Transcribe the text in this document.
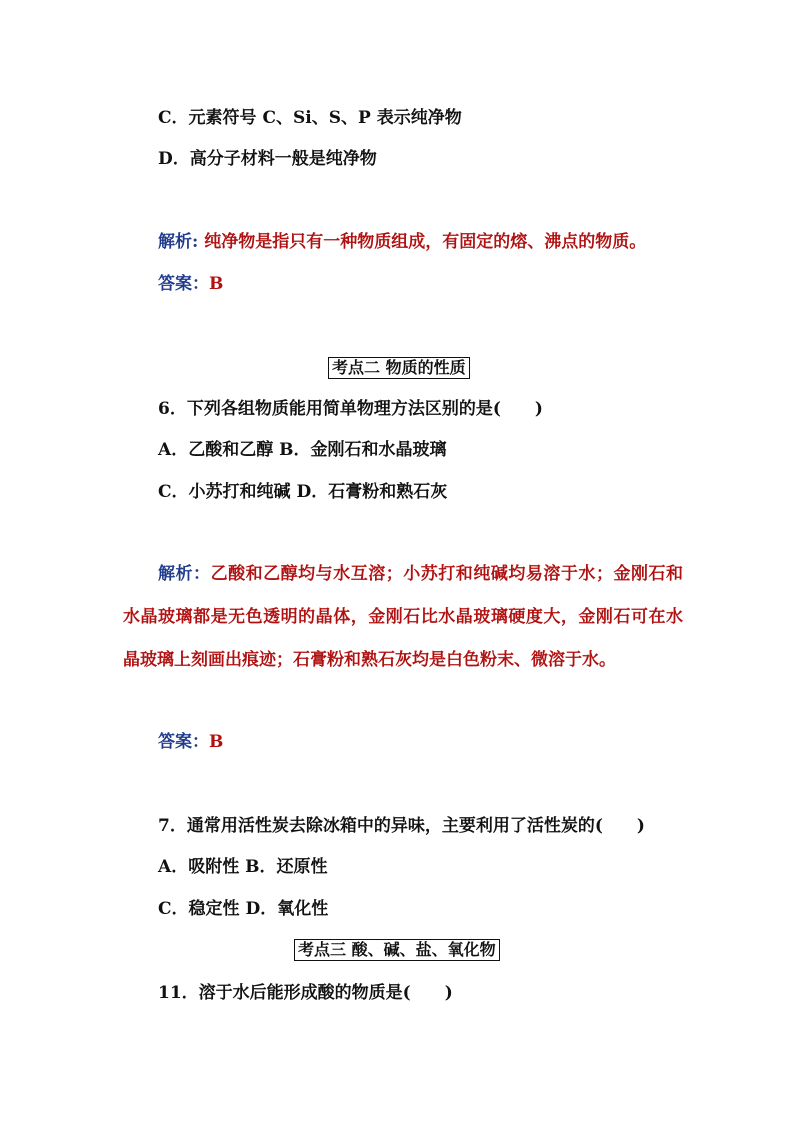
C．元素符号 C、Si、S、P 表示纯净物
D．高分子材料一般是纯净物
解析: 纯净物是指只有一种物质组成，有固定的熔、沸点的物质。
答案：B
考点二 物质的性质
6．下列各组物质能用简单物理方法区别的是(　　)
A．乙酸和乙醇 B．金刚石和水晶玻璃
C．小苏打和纯碱 D．石膏粉和熟石灰
解析：乙酸和乙醇均与水互溶；小苏打和纯碱均易溶于水；金刚石和水晶玻璃都是无色透明的晶体，金刚石比水晶玻璃硬度大，金刚石可在水晶玻璃上刻画出痕迹；石膏粉和熟石灰均是白色粉末、微溶于水。
答案：B
7．通常用活性炭去除冰箱中的异味，主要利用了活性炭的(　　)
A．吸附性 B．还原性
C．稳定性 D．氧化性
考点三 酸、碱、盐、氧化物
11．溶于水后能形成酸的物质是(　　)
